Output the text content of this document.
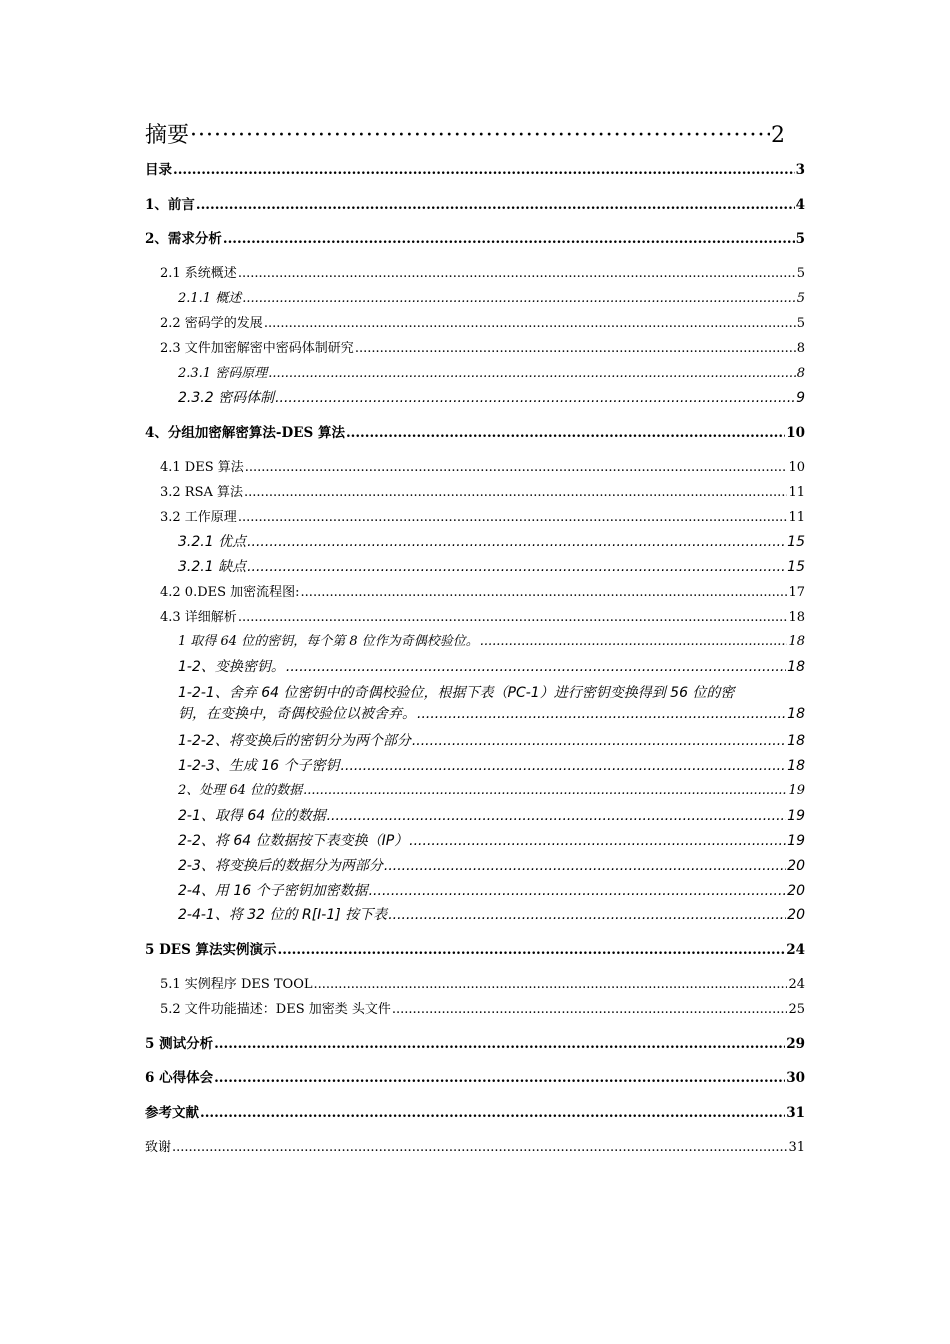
摘要 ·····	2
目录 .....	3
1、前言 .....	4
2、需求分析 .....	5
2.1 系统概述 .....	5
2.1.1 概述 .....	5
2.2 密码学的发展 .....	5
2.3 文件加密解密中密码体制研究 .....	8
2.3.1 密码原理 .....	8
2.3.2 密码体制 .....	9
4、分组加密解密算法-DES 算法 .....	10
4.1 DES 算法 .....	10
3.2 RSA 算法 .....	11
3.2 工作原理 .....	11
3.2.1 优点 .....	15
3.2.1 缺点 .....	15
4.2 0.DES 加密流程图: .....	17
4.3 详细解析 .....	18
1 取得 64 位的密钥，每个第 8 位作为奇偶校验位。 .....	18
1-2、变换密钥。 .....	18
1-2-1、舍弃 64 位密钥中的奇偶校验位，根据下表（PC-1）进行密钥变换得到 56 位的密
钥，在变换中，奇偶校验位以被舍弃。 .....	18
1-2-2、将变换后的密钥分为两个部分 .....	18
1-2-3、生成 16 个子密钥 .....	18
2、处理 64 位的数据 .....	19
2-1、取得 64 位的数据 .....	19
2-2、将 64 位数据按下表变换（IP） .....	19
2-3、将变换后的数据分为两部分 .....	20
2-4、用 16 个子密钥加密数据 .....	20
2-4-1、将 32 位的 R[I-1] 按下表 .....	20
5 DES 算法实例演示 .....	24
5.1 实例程序 DES TOOL .....	24
5.2 文件功能描述：DES 加密类 头文件 .....	25
5 测试分析 .....	29
6 心得体会 .....	30
参考文献 .....	31
致谢 .....	31
